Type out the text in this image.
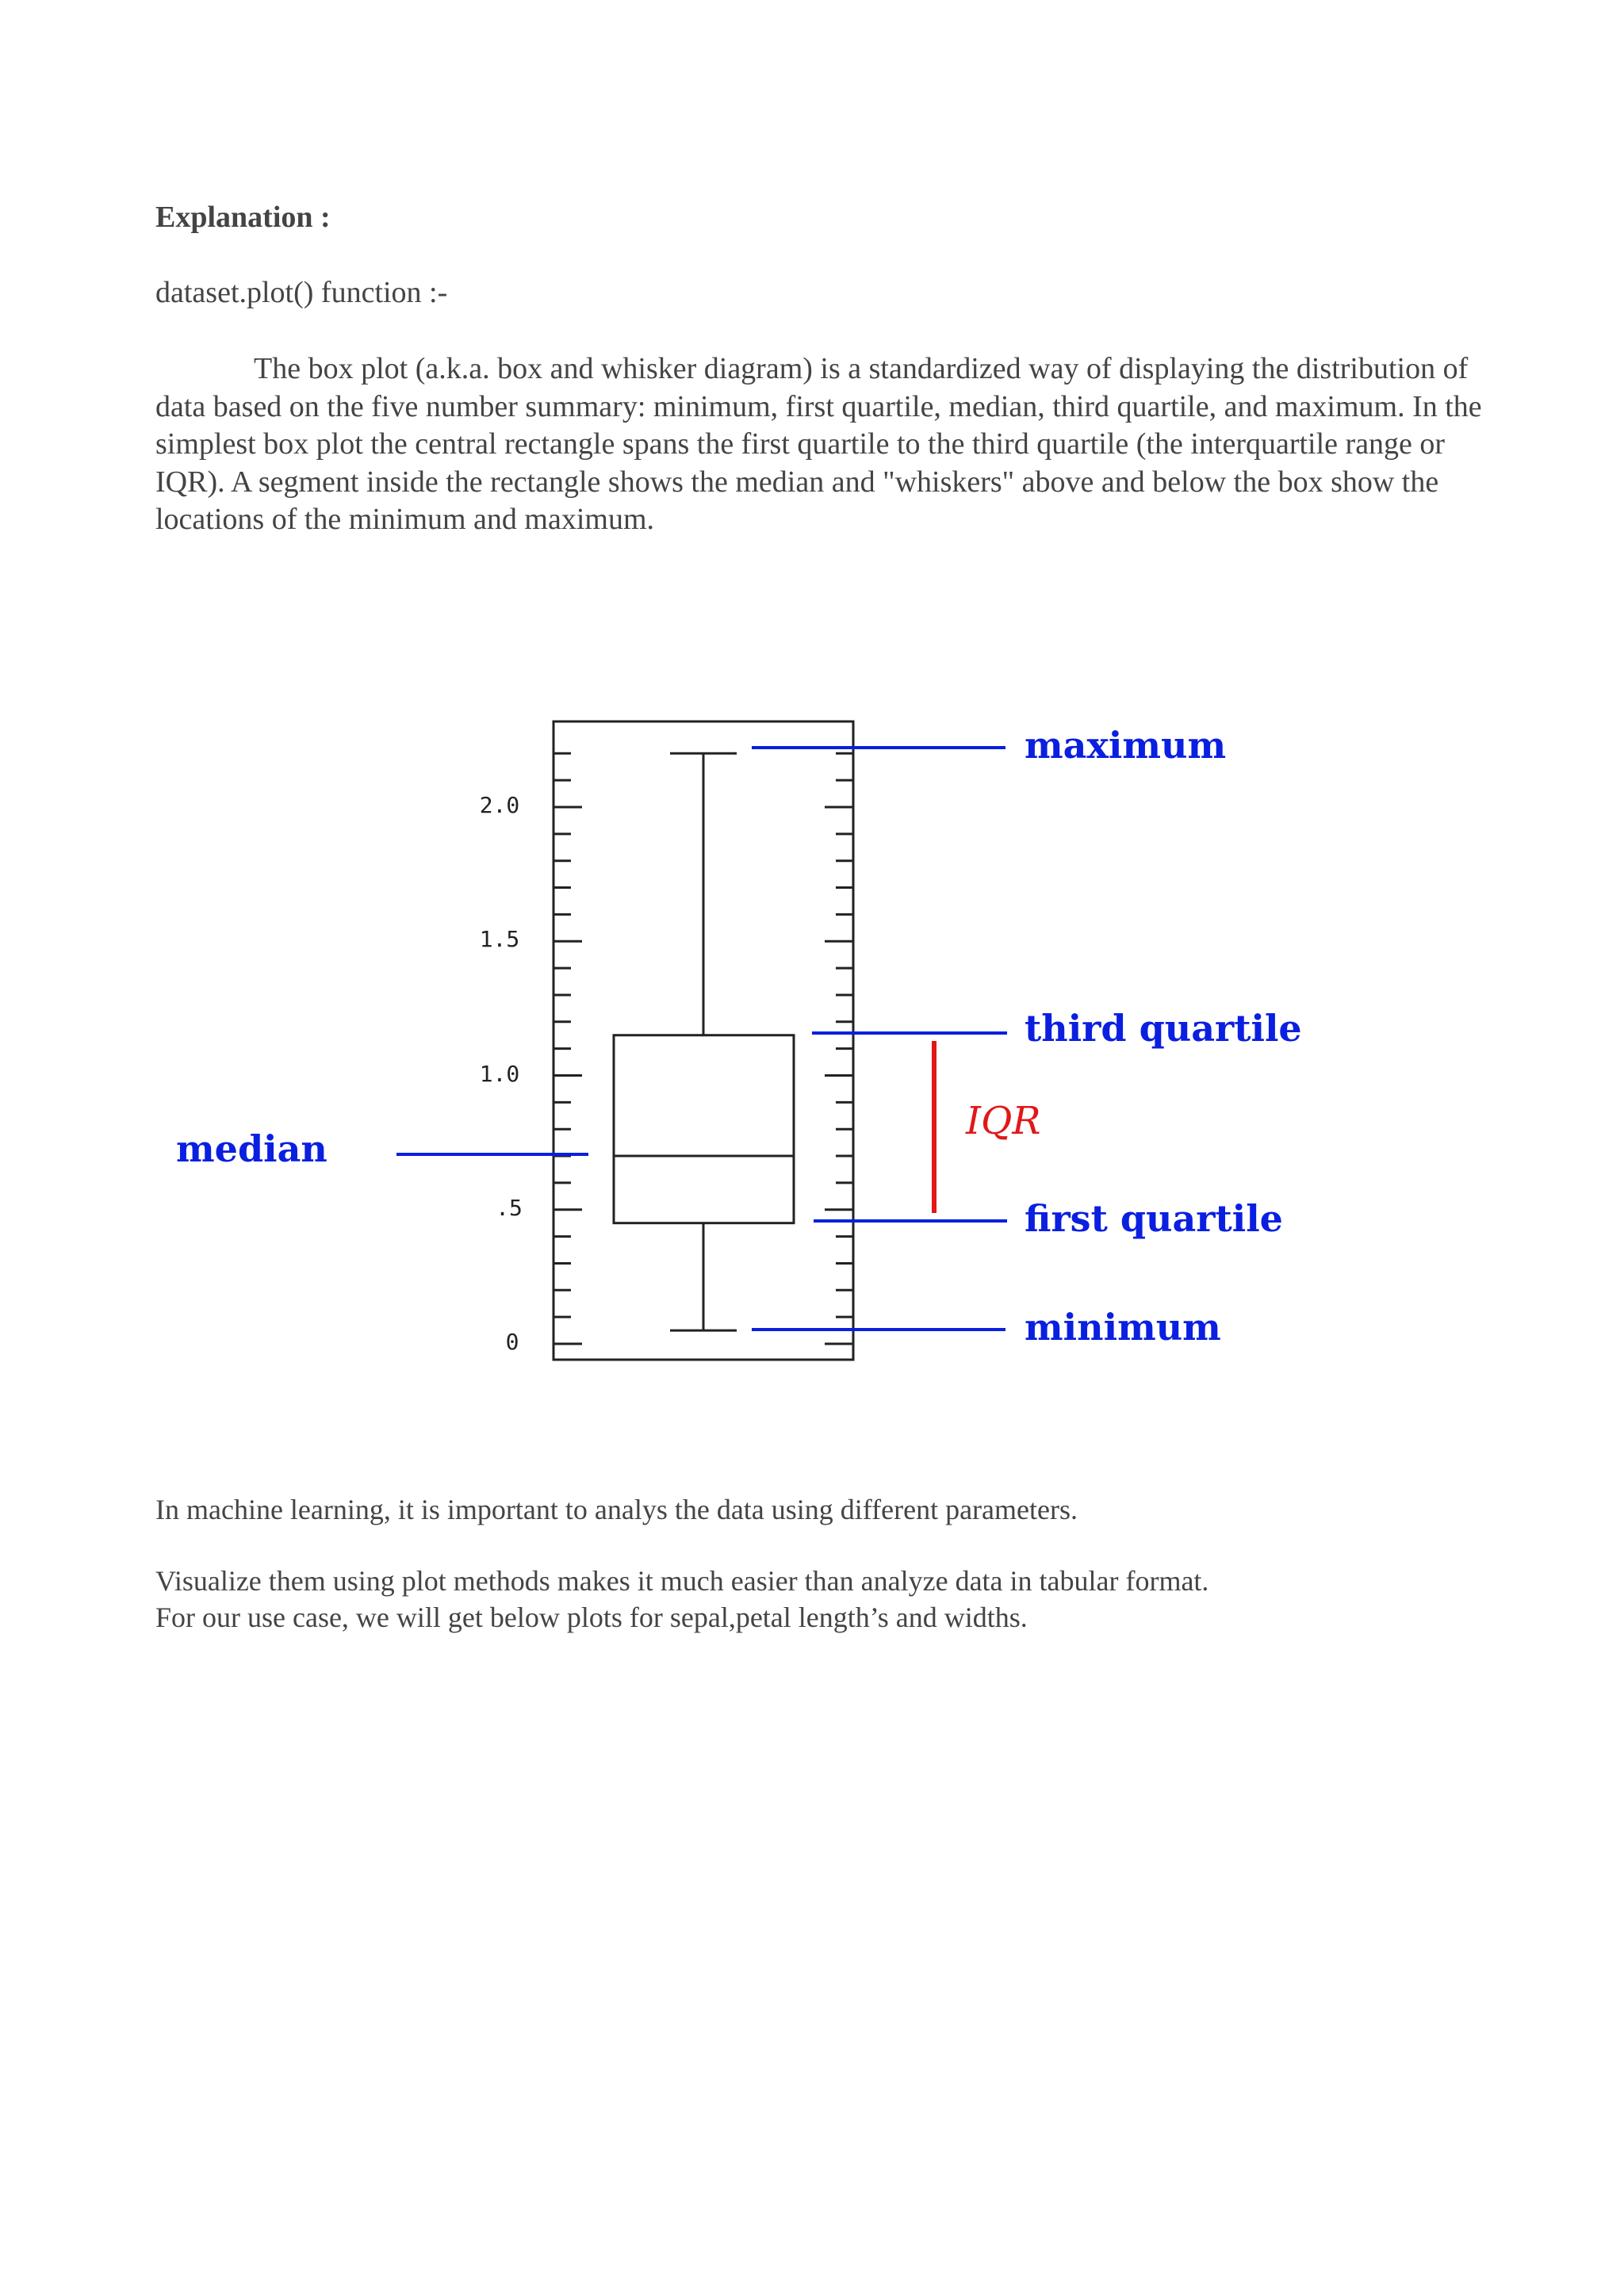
Explanation :

dataset.plot() function :-

The box plot (a.k.a. box and whisker diagram) is a standardized way of displaying the distribution of data based on the five number summary: minimum, first quartile, median, third quartile, and maximum. In the simplest box plot the central rectangle spans the first quartile to the third quartile (the interquartile range or IQR). A segment inside the rectangle shows the median and "whiskers" above and below the box show the locations of the minimum and maximum.

0
.5
1.0
1.5
2.0
maximum
third quartile
IQR
median
first quartile
minimum

In machine learning, it is important to analys the data using different parameters.

Visualize them using plot methods makes it much easier than analyze data in tabular format.

For our use case, we will get below plots for sepal,petal length’s and widths.
